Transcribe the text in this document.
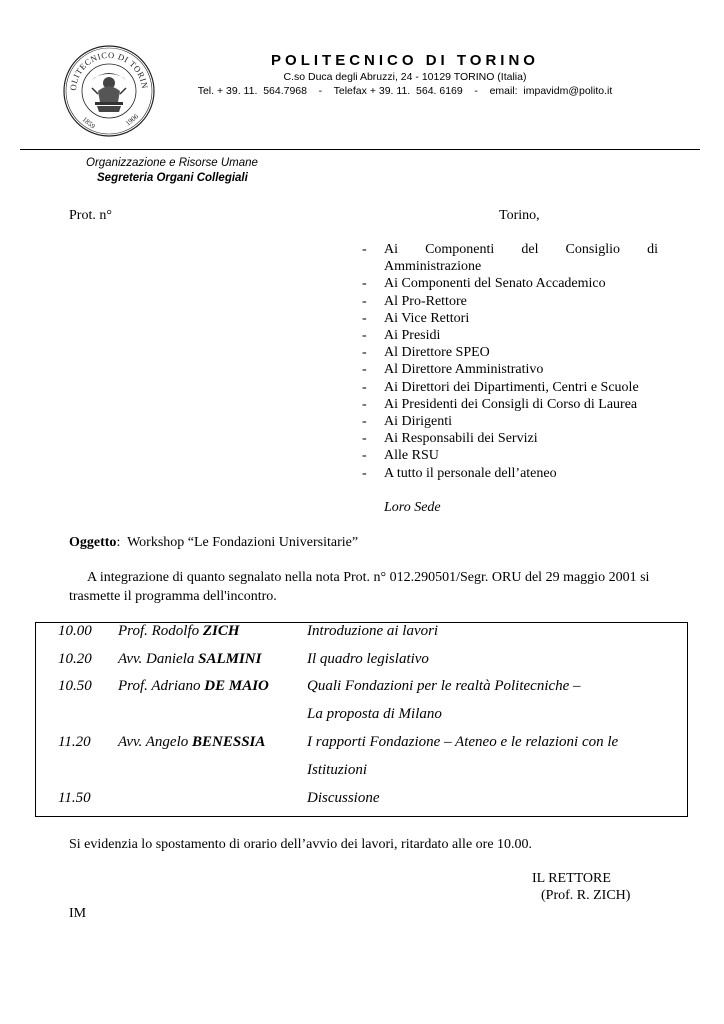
OLITECNICO DI TORIN
1859	1906
POLITECNICO DI TORINO
C.so Duca degli Abruzzi, 24 - 10129 TORINO (Italia)
Tel. + 39. 11.  564.7968    -    Telefax + 39. 11.  564. 6169    -    email:  impavidm@polito.it
Organizzazione e Risorse Umane
Segreteria Organi Collegiali
Prot. n°	Torino,
-	Ai Componenti del Consiglio di
Amministrazione
-	Ai Componenti del Senato Accademico
-	Al Pro-Rettore
-	Ai Vice Rettori
-	Ai Presidi
-	Al Direttore SPEO
-	Al Direttore Amministrativo
-	Ai Direttori dei Dipartimenti, Centri e Scuole
-	Ai Presidenti dei Consigli di Corso di Laurea
-	Ai Dirigenti
-	Ai Responsabili dei Servizi
-	Alle RSU
-	A tutto il personale dell’ateneo
Loro Sede
Oggetto: Workshop “Le Fondazioni Universitarie”
A integrazione di quanto segnalato nella nota Prot. n° 012.290501/Segr. ORU del 29 maggio 2001 si trasmette il programma dell'incontro.
10.00 Prof. Rodolfo ZICH	Introduzione ai lavori
10.20 Avv. Daniela SALMINI	Il quadro legislativo
10.50 Prof. Adriano DE MAIO	Quali Fondazioni per le realtà Politecniche –
La proposta di Milano
11.20 Avv. Angelo BENESSIA	I rapporti Fondazione – Ateneo e le relazioni con le
Istituzioni
11.50	Discussione
Si evidenzia lo spostamento di orario dell’avvio dei lavori, ritardato alle ore 10.00.
IL RETTORE
(Prof. R. ZICH)
IM
